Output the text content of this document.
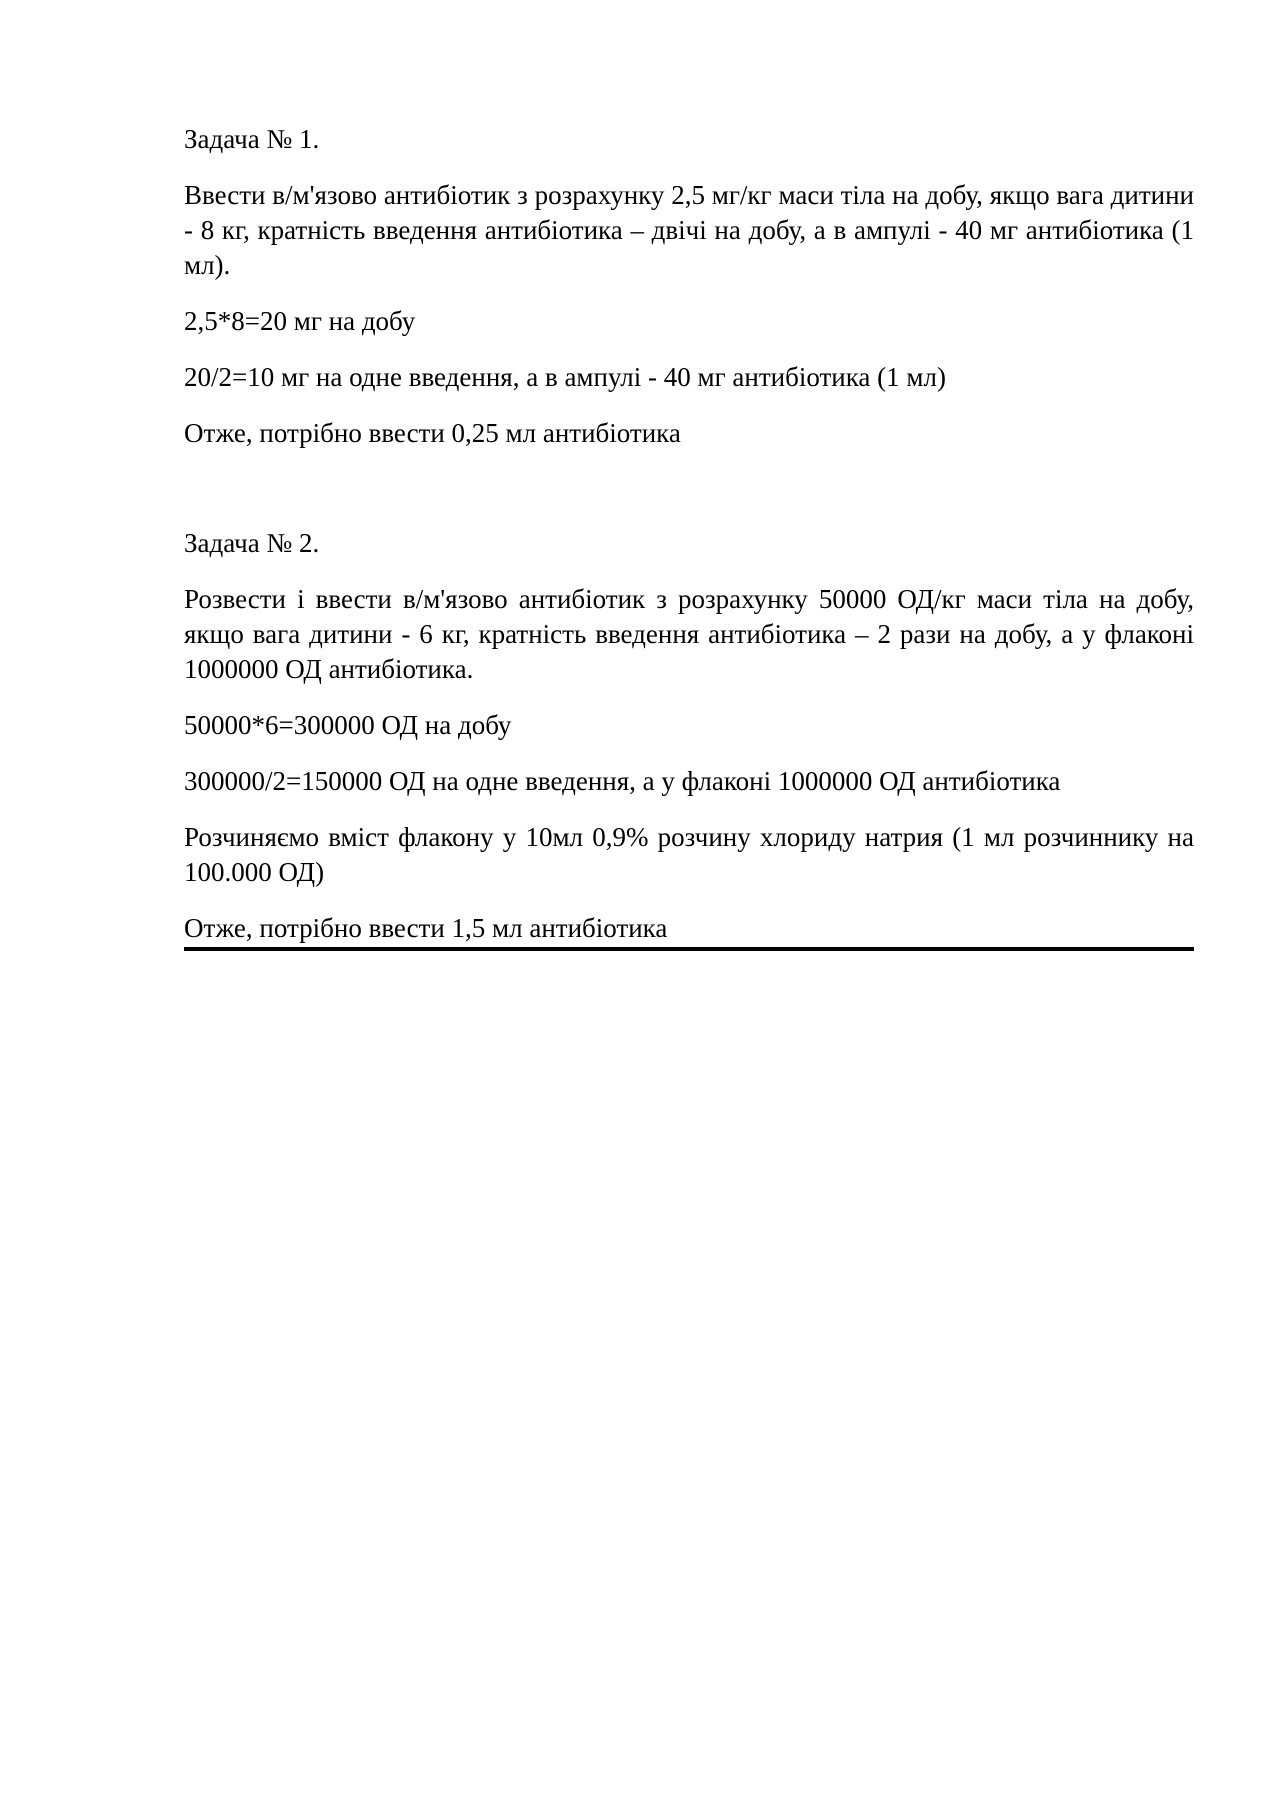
Задача № 1.

Ввести в/м'язово антибіотик з розрахунку 2,5 мг/кг маси тіла на добу, якщо вага дитини - 8 кг, кратність введення антибіотика – двічі на добу, а в ампулі - 40 мг антибіотика (1 мл).

2,5*8=20 мг на добу

20/2=10 мг на одне введення, а в ампулі - 40 мг антибіотика (1 мл)

Отже, потрібно ввести 0,25 мл антибіотика

Задача № 2.

Розвести і ввести в/м'язово антибіотик з розрахунку 50000 ОД/кг маси тіла на добу, якщо вага дитини - 6 кг, кратність введення антибіотика – 2 рази на добу, а у флаконі 1000000 ОД антибіотика.

50000*6=300000 ОД на добу

300000/2=150000 ОД на одне введення, а у флаконі 1000000 ОД антибіотика

Розчиняємо вміст флакону у 10мл 0,9% розчину хлориду натрия (1 мл розчиннику на 100.000 ОД)

Отже, потрібно ввести 1,5 мл антибіотика
